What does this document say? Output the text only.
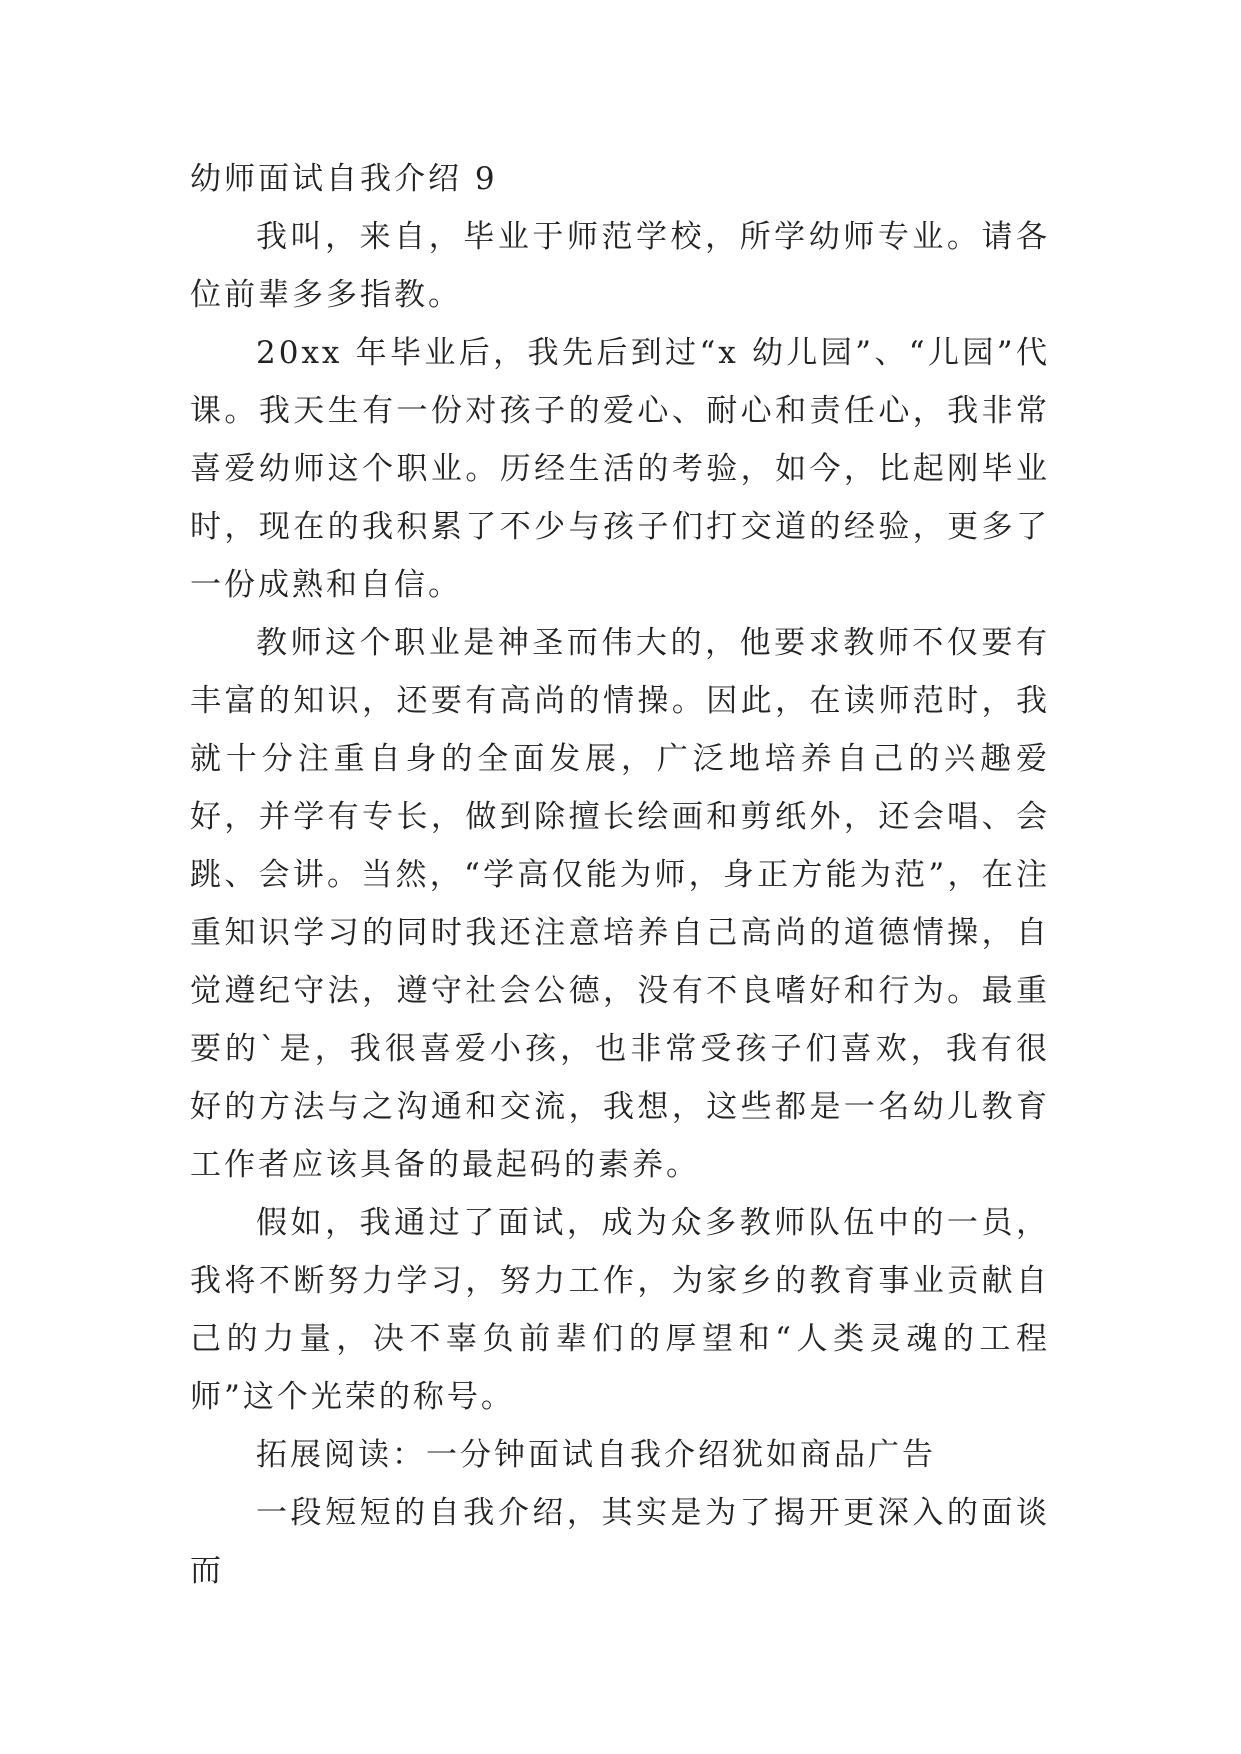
幼师面试自我介绍 9

我叫，来自，毕业于师范学校，所学幼师专业。请各位前辈多多指教。

20xx 年毕业后，我先后到过“x 幼儿园”、“儿园”代课。我天生有一份对孩子的爱心、耐心和责任心，我非常喜爱幼师这个职业。历经生活的考验，如今，比起刚毕业时，现在的我积累了不少与孩子们打交道的经验，更多了一份成熟和自信。

教师这个职业是神圣而伟大的，他要求教师不仅要有丰富的知识，还要有高尚的情操。因此，在读师范时，我就十分注重自身的全面发展，广泛地培养自己的兴趣爱好，并学有专长，做到除擅长绘画和剪纸外，还会唱、会跳、会讲。当然，“学高仅能为师，身正方能为范”，在注重知识学习的同时我还注意培养自己高尚的道德情操，自觉遵纪守法，遵守社会公德，没有不良嗜好和行为。最重要的`是，我很喜爱小孩，也非常受孩子们喜欢，我有很好的方法与之沟通和交流，我想，这些都是一名幼儿教育工作者应该具备的最起码的素养。

假如，我通过了面试，成为众多教师队伍中的一员，我将不断努力学习，努力工作，为家乡的教育事业贡献自己的力量，决不辜负前辈们的厚望和“人类灵魂的工程师”这个光荣的称号。

拓展阅读：一分钟面试自我介绍犹如商品广告

一段短短的自我介绍，其实是为了揭开更深入的面谈而
